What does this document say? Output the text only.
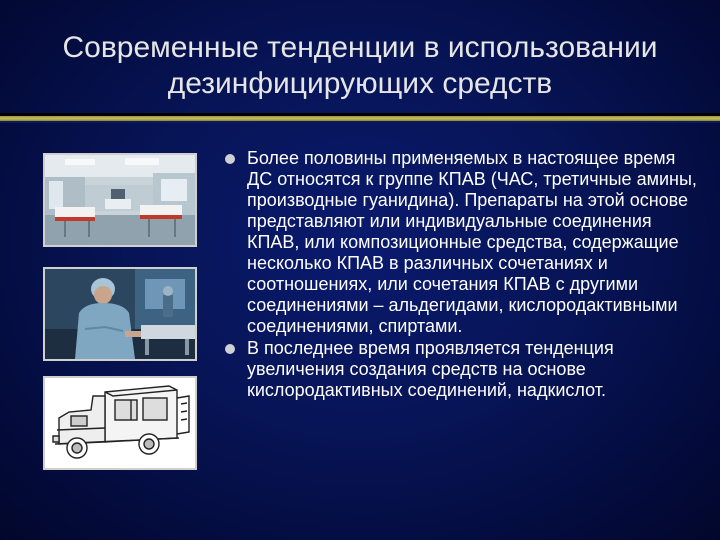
Современные тенденции в использовании
дезинфицирующих средств
Более половины применяемых в настоящее время ДС относятся к группе КПАВ (ЧАС, третичные амины, производные гуанидина). Препараты на этой основе представляют или индивидуальные соединения КПАВ, или композиционные средства, содержащие несколько КПАВ в различных сочетаниях и соотношениях, или сочетания КПАВ с другими соединениями – альдегидами, кислородактивными соединениями, спиртами.
В последнее время проявляется тенденция увеличения создания средств на основе кислородактивных соединений, надкислот.
